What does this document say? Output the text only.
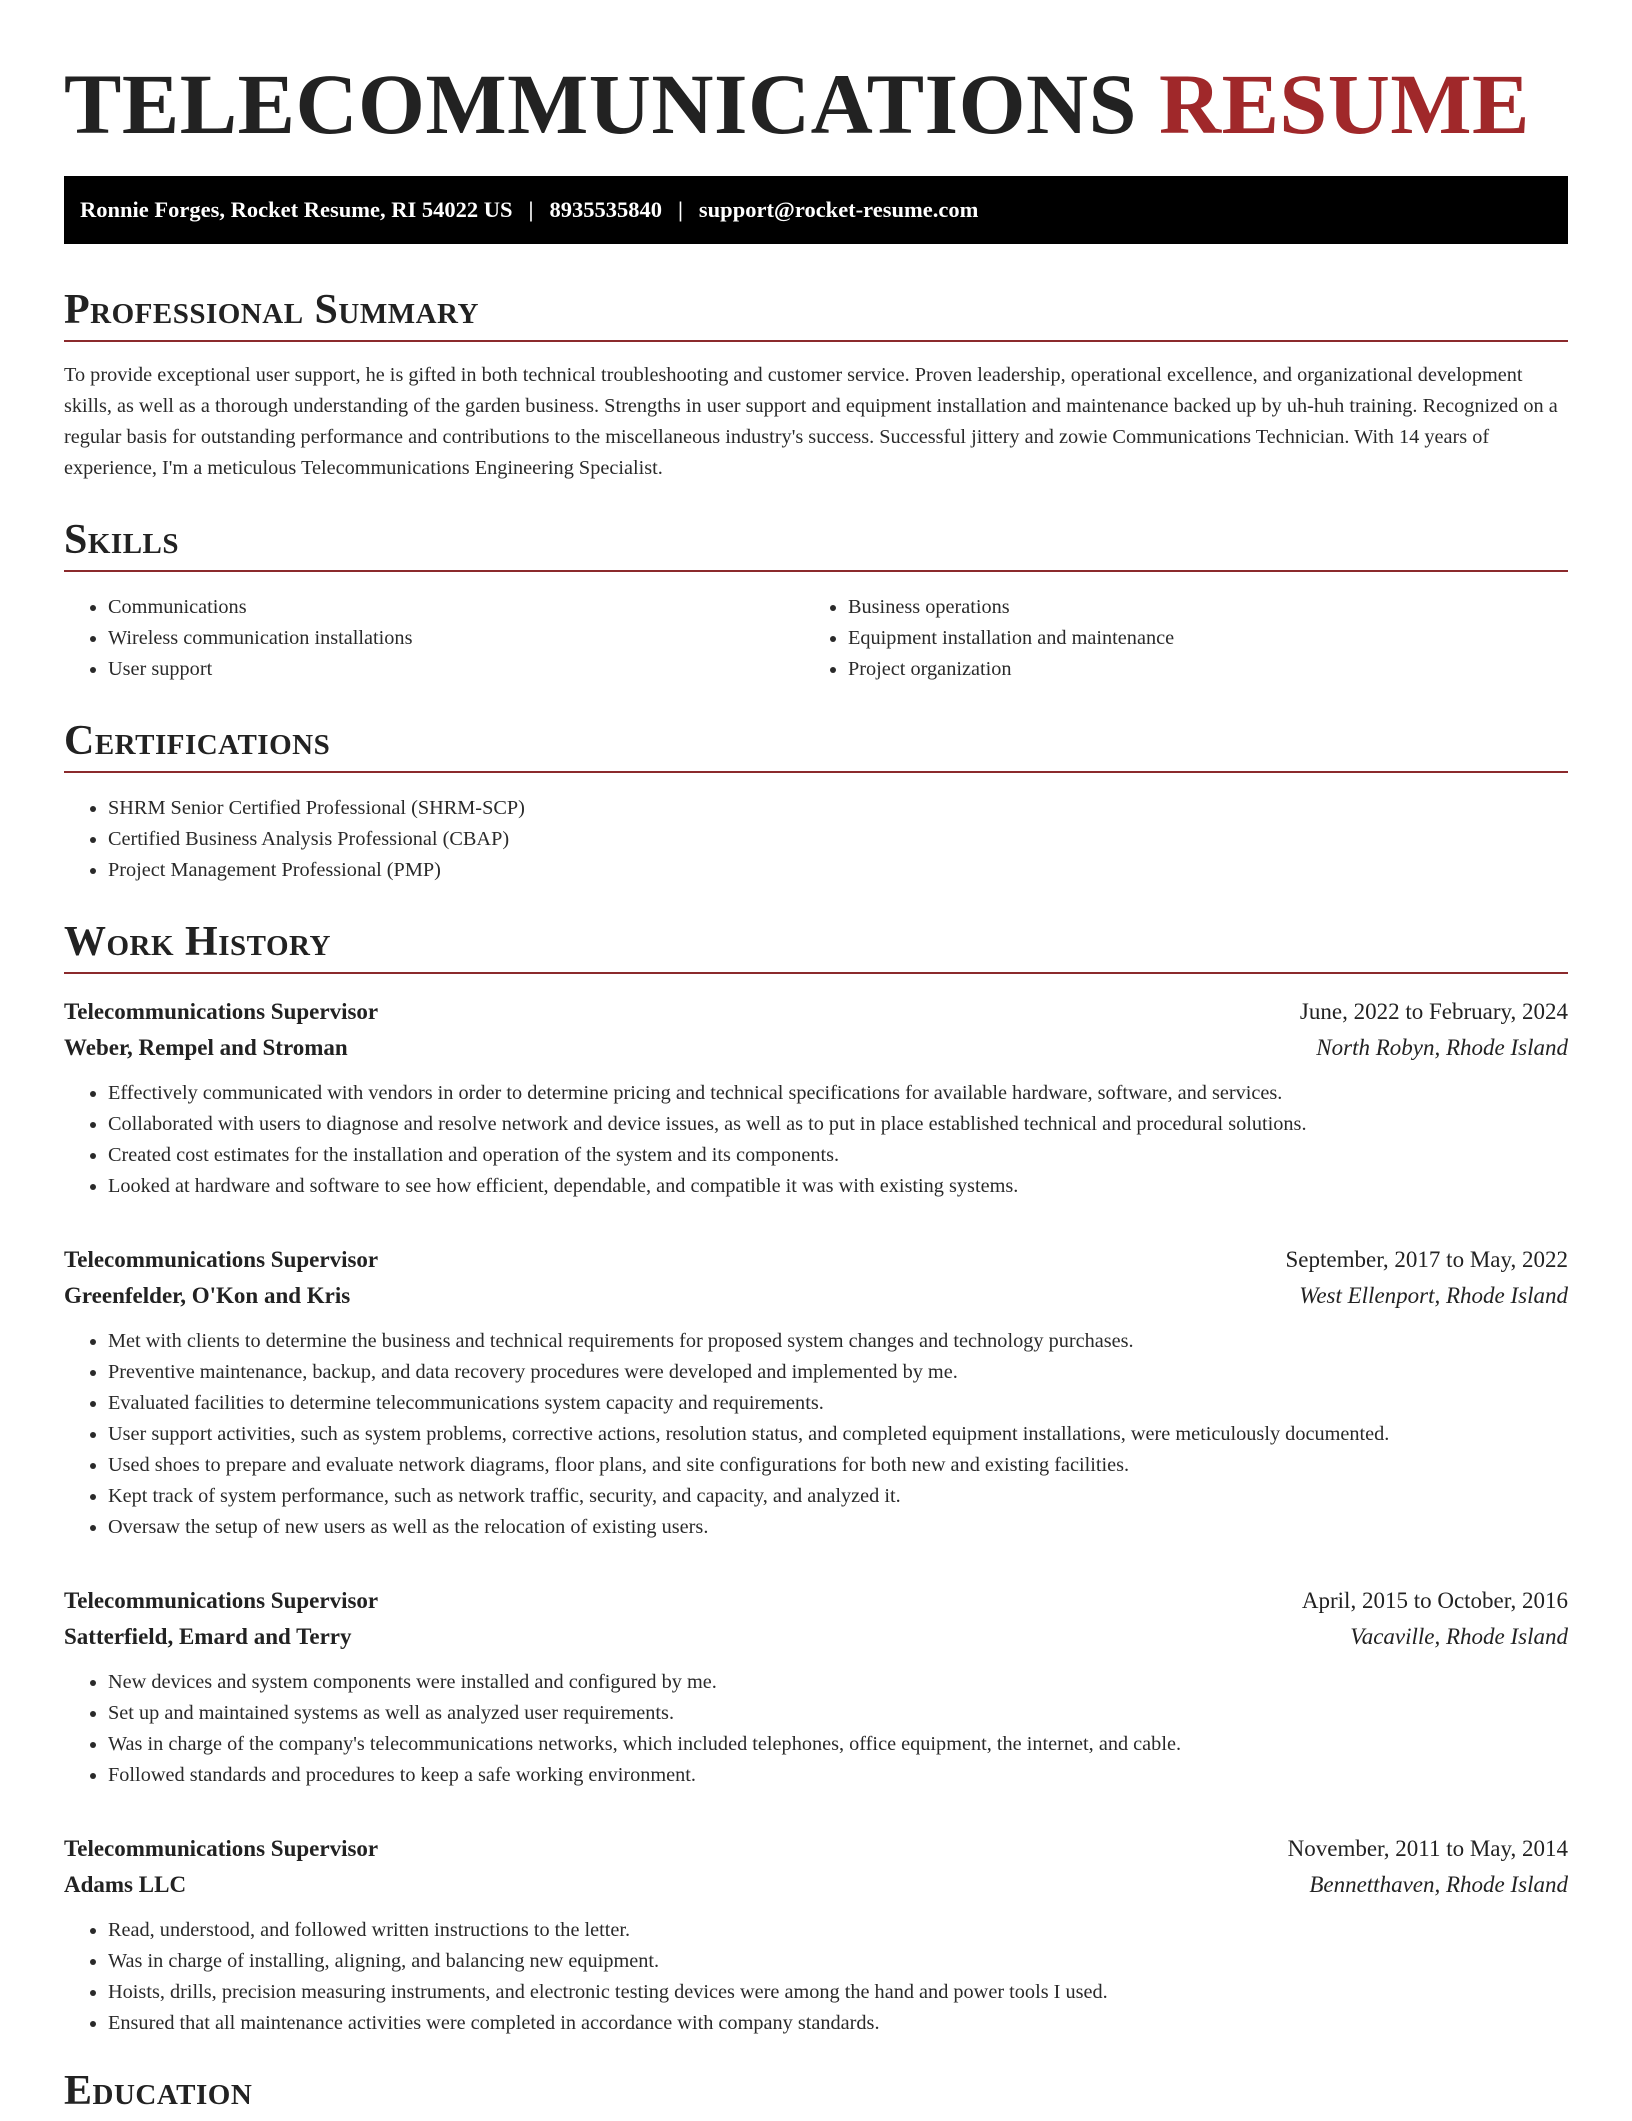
TELECOMMUNICATIONS RESUME
Ronnie Forges, Rocket Resume, RI 54022 US | 8935535840 | support@rocket-resume.com
Professional Summary

To provide exceptional user support, he is gifted in both technical troubleshooting and customer service. Proven leadership, operational excellence, and organizational development skills, as well as a thorough understanding of the garden business. Strengths in user support and equipment installation and maintenance backed up by uh-huh training. Recognized on a regular basis for outstanding performance and contributions to the miscellaneous industry's success. Successful jittery and zowie Communications Technician. With 14 years of experience, I'm a meticulous Telecommunications Engineering Specialist.

Skills
• Communications
• Wireless communication installations
• User support
• Business operations
• Equipment installation and maintenance
• Project organization
Certifications
• SHRM Senior Certified Professional (SHRM-SCP)
• Certified Business Analysis Professional (CBAP)
• Project Management Professional (PMP)
Work History
Telecommunications Supervisor	June, 2022 to February, 2024
Weber, Rempel and Stroman	North Robyn, Rhode Island
• Effectively communicated with vendors in order to determine pricing and technical specifications for available hardware, software, and services.
• Collaborated with users to diagnose and resolve network and device issues, as well as to put in place established technical and procedural solutions.
• Created cost estimates for the installation and operation of the system and its components.
• Looked at hardware and software to see how efficient, dependable, and compatible it was with existing systems.
Telecommunications Supervisor	September, 2017 to May, 2022
Greenfelder, O'Kon and Kris	West Ellenport, Rhode Island
• Met with clients to determine the business and technical requirements for proposed system changes and technology purchases.
• Preventive maintenance, backup, and data recovery procedures were developed and implemented by me.
• Evaluated facilities to determine telecommunications system capacity and requirements.
• User support activities, such as system problems, corrective actions, resolution status, and completed equipment installations, were meticulously documented.
• Used shoes to prepare and evaluate network diagrams, floor plans, and site configurations for both new and existing facilities.
• Kept track of system performance, such as network traffic, security, and capacity, and analyzed it.
• Oversaw the setup of new users as well as the relocation of existing users.
Telecommunications Supervisor	April, 2015 to October, 2016
Satterfield, Emard and Terry	Vacaville, Rhode Island
• New devices and system components were installed and configured by me.
• Set up and maintained systems as well as analyzed user requirements.
• Was in charge of the company's telecommunications networks, which included telephones, office equipment, the internet, and cable.
• Followed standards and procedures to keep a safe working environment.
Telecommunications Supervisor	November, 2011 to May, 2014
Adams LLC	Bennetthaven, Rhode Island
• Read, understood, and followed written instructions to the letter.
• Was in charge of installing, aligning, and balancing new equipment.
• Hoists, drills, precision measuring instruments, and electronic testing devices were among the hand and power tools I used.
• Ensured that all maintenance activities were completed in accordance with company standards.
Education
